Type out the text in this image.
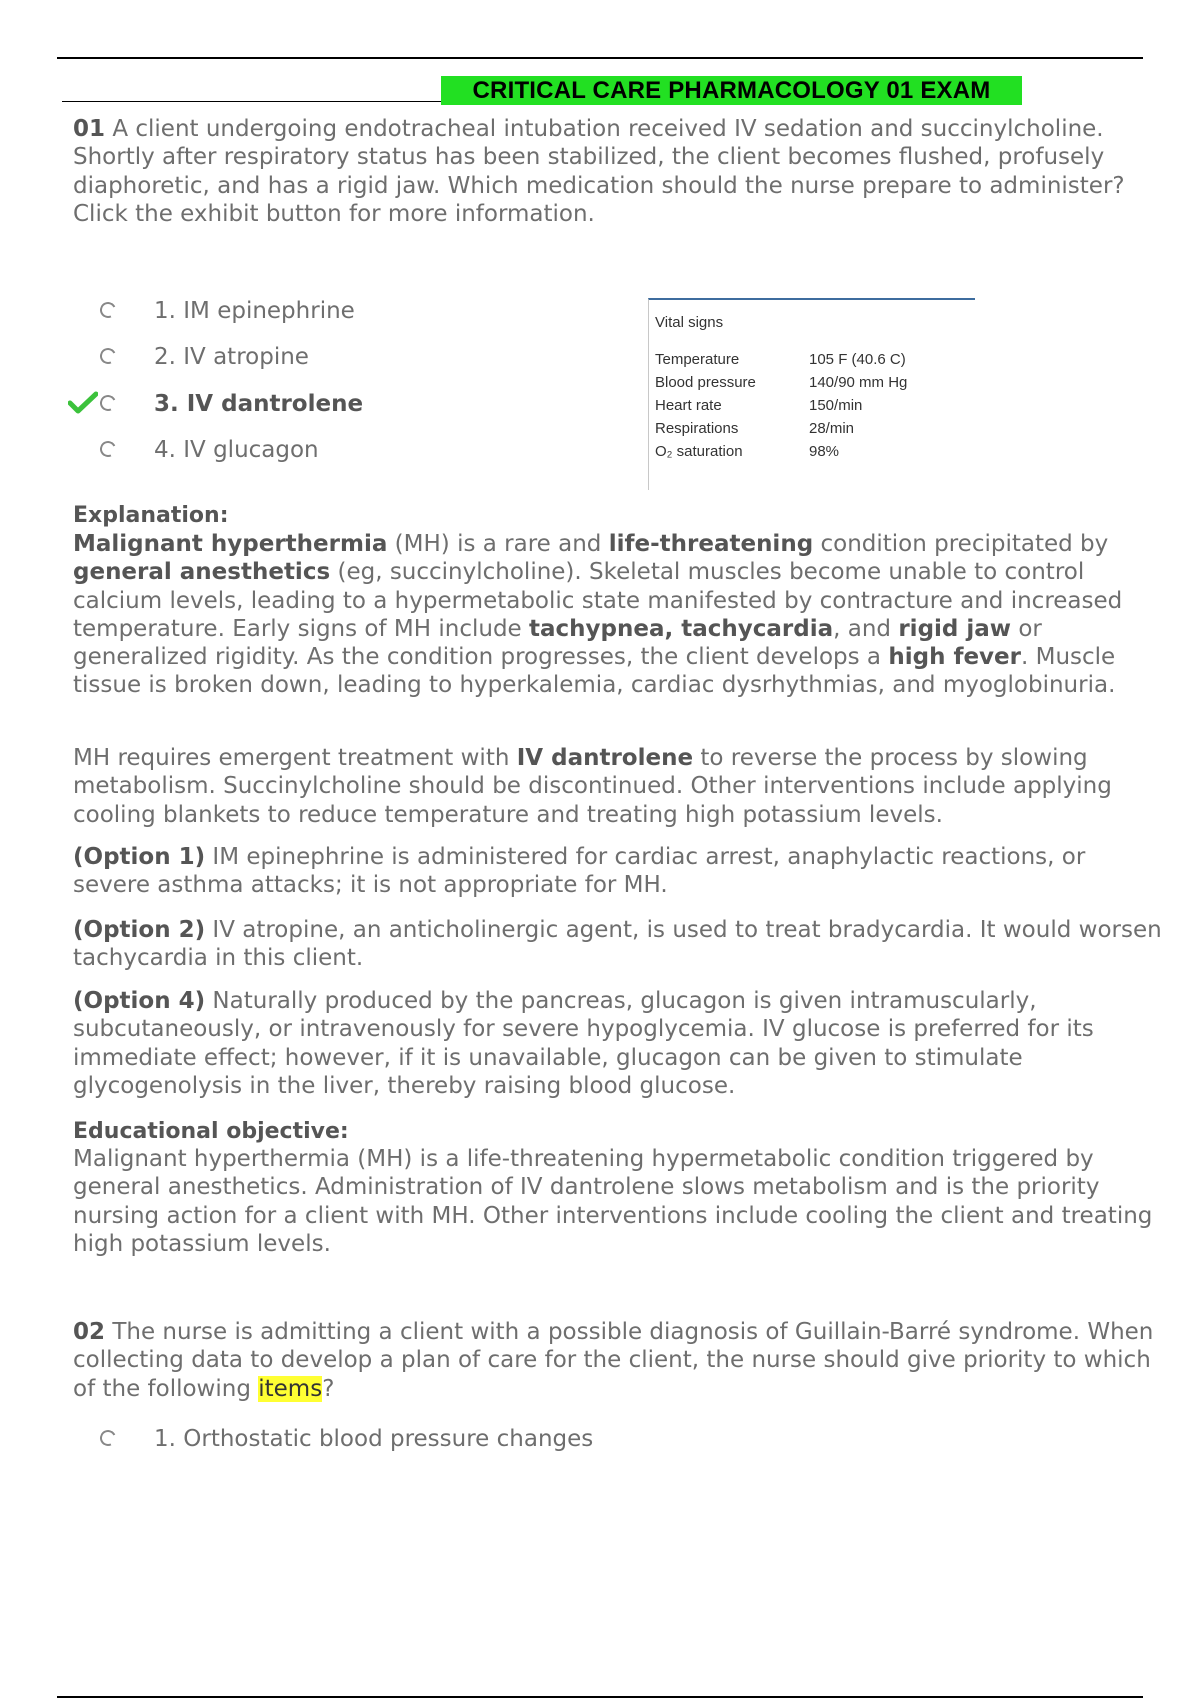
CRITICAL CARE PHARMACOLOGY 01 EXAM

01 A client undergoing endotracheal intubation received IV sedation and succinylcholine. Shortly after respiratory status has been stabilized, the client becomes flushed, profusely diaphoretic, and has a rigid jaw. Which medication should the nurse prepare to administer? Click the exhibit button for more information.

1. IM epinephrine
2. IV atropine
3. IV dantrolene
4. IV glucagon
Vital signs
Temperature	105 F (40.6 C)
Blood pressure	140/90 mm Hg
Heart rate	150/min
Respirations	28/min
O₂ saturation	98%
Explanation:

Malignant hyperthermia (MH) is a rare and life-threatening condition precipitated by general anesthetics (eg, succinylcholine). Skeletal muscles become unable to control calcium levels, leading to a hypermetabolic state manifested by contracture and increased temperature. Early signs of MH include tachypnea, tachycardia, and rigid jaw or generalized rigidity. As the condition progresses, the client develops a high fever. Muscle tissue is broken down, leading to hyperkalemia, cardiac dysrhythmias, and myoglobinuria.

MH requires emergent treatment with IV dantrolene to reverse the process by slowing metabolism. Succinylcholine should be discontinued. Other interventions include applying cooling blankets to reduce temperature and treating high potassium levels.

(Option 1) IM epinephrine is administered for cardiac arrest, anaphylactic reactions, or severe asthma attacks; it is not appropriate for MH.

(Option 2) IV atropine, an anticholinergic agent, is used to treat bradycardia. It would worsen tachycardia in this client.

(Option 4) Naturally produced by the pancreas, glucagon is given intramuscularly, subcutaneously, or intravenously for severe hypoglycemia. IV glucose is preferred for its immediate effect; however, if it is unavailable, glucagon can be given to stimulate glycogenolysis in the liver, thereby raising blood glucose.

Educational objective:

Malignant hyperthermia (MH) is a life-threatening hypermetabolic condition triggered by general anesthetics. Administration of IV dantrolene slows metabolism and is the priority nursing action for a client with MH. Other interventions include cooling the client and treating high potassium levels.

02 The nurse is admitting a client with a possible diagnosis of Guillain-Barré syndrome. When collecting data to develop a plan of care for the client, the nurse should give priority to which of the following items?

1. Orthostatic blood pressure changes
